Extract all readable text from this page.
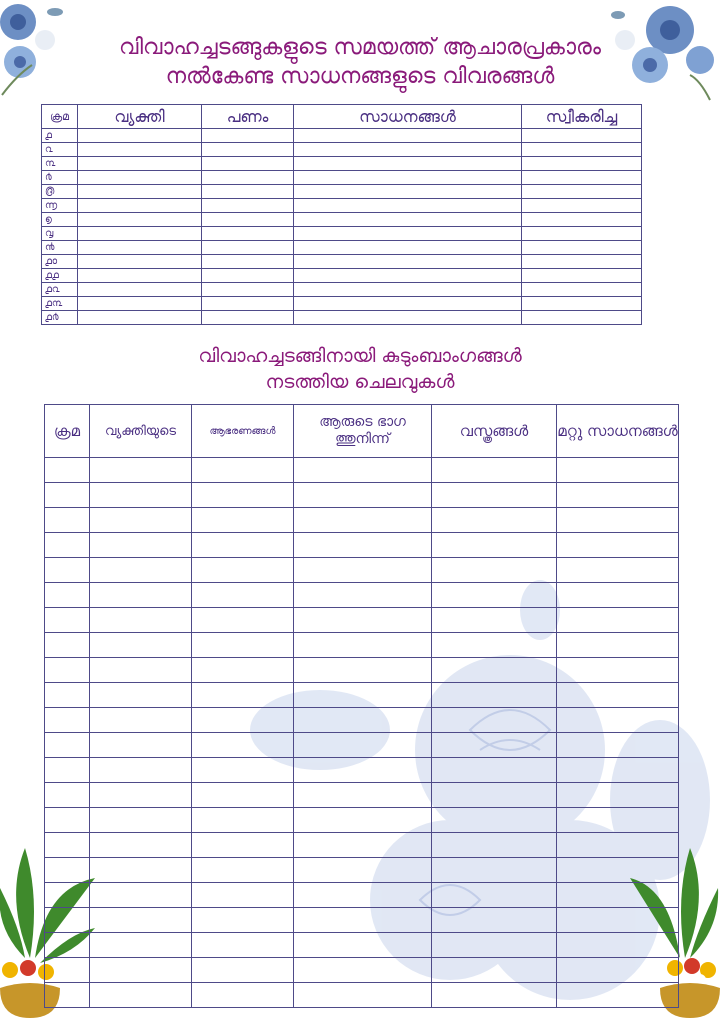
വിവാഹച്ചടങ്ങുകളുടെ സമയത്ത് ആചാരപ്രകാരം
നൽകേണ്ട സാധനങ്ങളുടെ വിവരങ്ങൾ
ക്രമ	വ്യക്തി	പണം	സാധനങ്ങൾ	സ്വീകരിച്ച
൧				
൨				
൩				
൪				
൫				
൬				
൭				
൮				
൯				
൧൦				
൧൧				
൧൨				
൧൩				
൧൪				
വിവാഹച്ചടങ്ങിനായി കുടുംബാംഗങ്ങൾ
നടത്തിയ ചെലവുകൾ
ക്രമ	വ്യക്തിയുടെ	ആഭരണങ്ങൾ	ആരുടെ ഭാഗ ത്തുനിന്ന്	വസ്ത്രങ്ങൾ	മറ്റു സാധനങ്ങൾ
